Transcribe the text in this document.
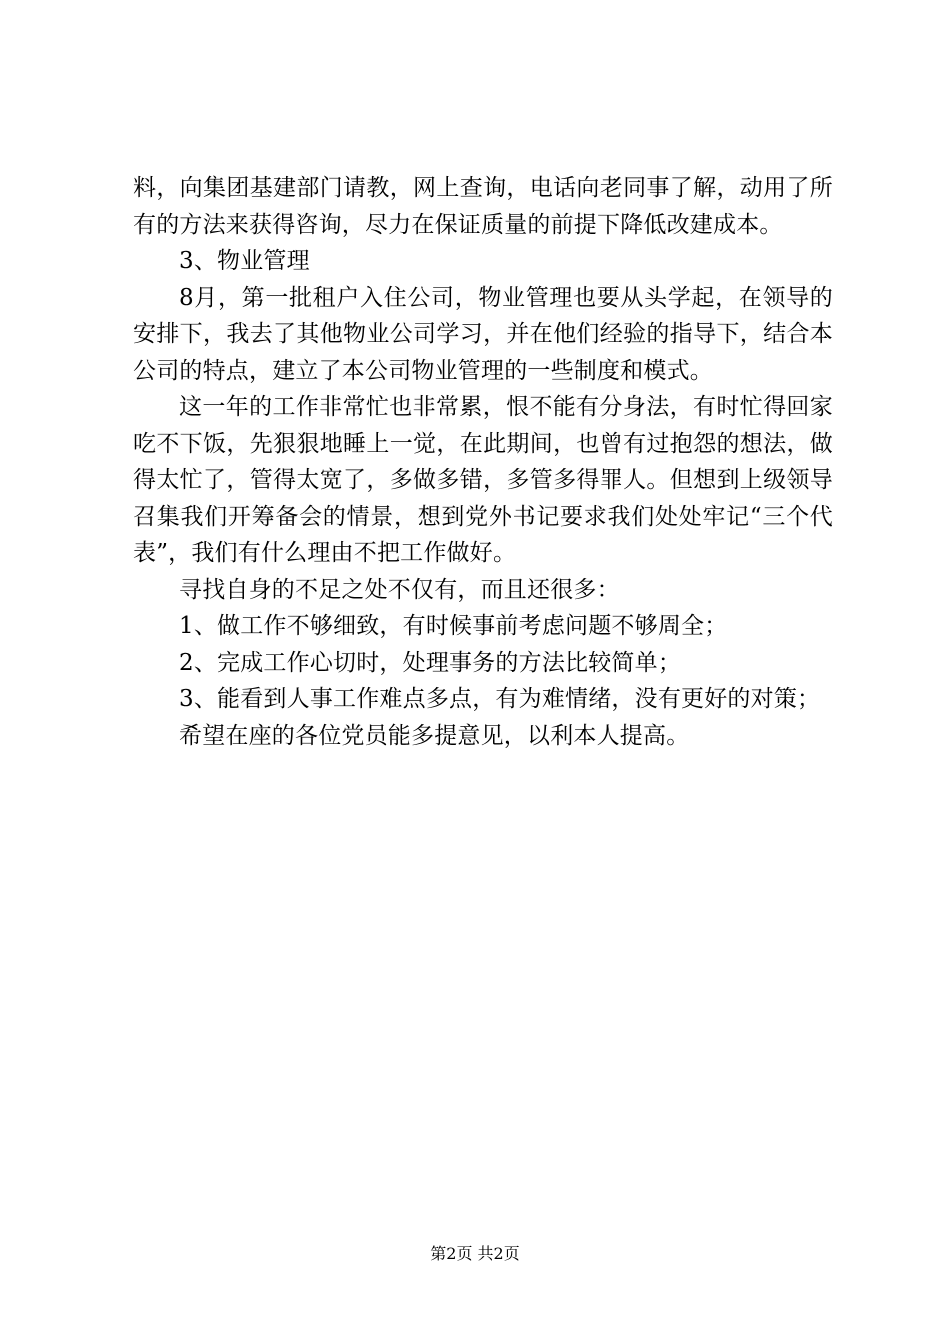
料，向集团基建部门请教，网上查询，电话向老同事了解，动用了所有的方法来获得咨询，尽力在保证质量的前提下降低改建成本。

3、物业管理

8月，第一批租户入住公司，物业管理也要从头学起，在领导的安排下，我去了其他物业公司学习，并在他们经验的指导下，结合本公司的特点，建立了本公司物业管理的一些制度和模式。

这一年的工作非常忙也非常累，恨不能有分身法，有时忙得回家吃不下饭，先狠狠地睡上一觉，在此期间，也曾有过抱怨的想法，做得太忙了，管得太宽了，多做多错，多管多得罪人。但想到上级领导召集我们开筹备会的情景，想到党外书记要求我们处处牢记“三个代表”，我们有什么理由不把工作做好。

寻找自身的不足之处不仅有，而且还很多：

1、做工作不够细致，有时候事前考虑问题不够周全；

2、完成工作心切时，处理事务的方法比较简单；

3、能看到人事工作难点多点，有为难情绪，没有更好的对策；

希望在座的各位党员能多提意见，以利本人提高。

第2页 共2页
